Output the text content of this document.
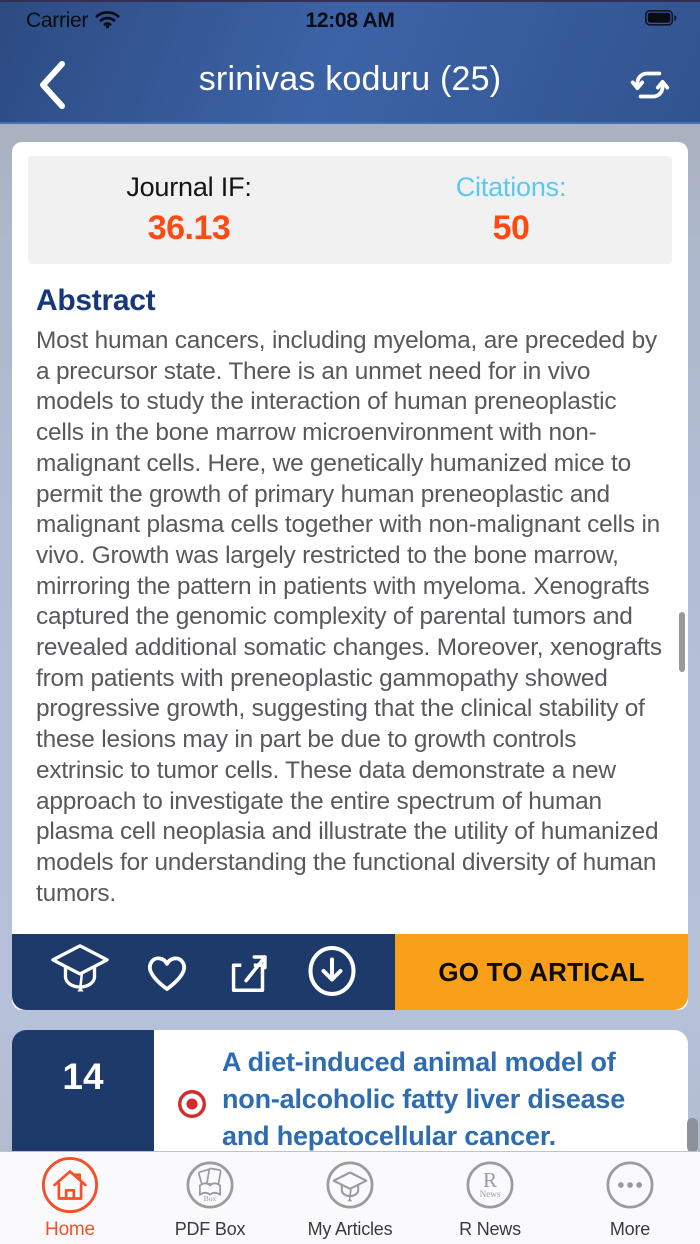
Carrier	12:08 AM
srinivas koduru (25)
Journal IF:
36.13
Citations:
50
Abstract
Most human cancers, including myeloma, are preceded by a precursor state. There is an unmet need for in vivo models to study the interaction of human preneoplastic cells in the bone marrow microenvironment with non-malignant cells. Here, we genetically humanized mice to permit the growth of primary human preneoplastic and malignant plasma cells together with non-malignant cells in vivo. Growth was largely restricted to the bone marrow, mirroring the pattern in patients with myeloma. Xenografts captured the genomic complexity of parental tumors and revealed additional somatic changes. Moreover, xenografts from patients with preneoplastic gammopathy showed progressive growth, suggesting that the clinical stability of these lesions may in part be due to growth controls extrinsic to tumor cells. These data demonstrate a new approach to investigate the entire spectrum of human plasma cell neoplasia and illustrate the utility of humanized models for understanding the functional diversity of human tumors.
GO TO ARTICAL
14	A diet-induced animal model of non-alcoholic fatty liver disease and hepatocellular cancer.
Home
Box
PDF Box	My Articles
R
News
R News	More
